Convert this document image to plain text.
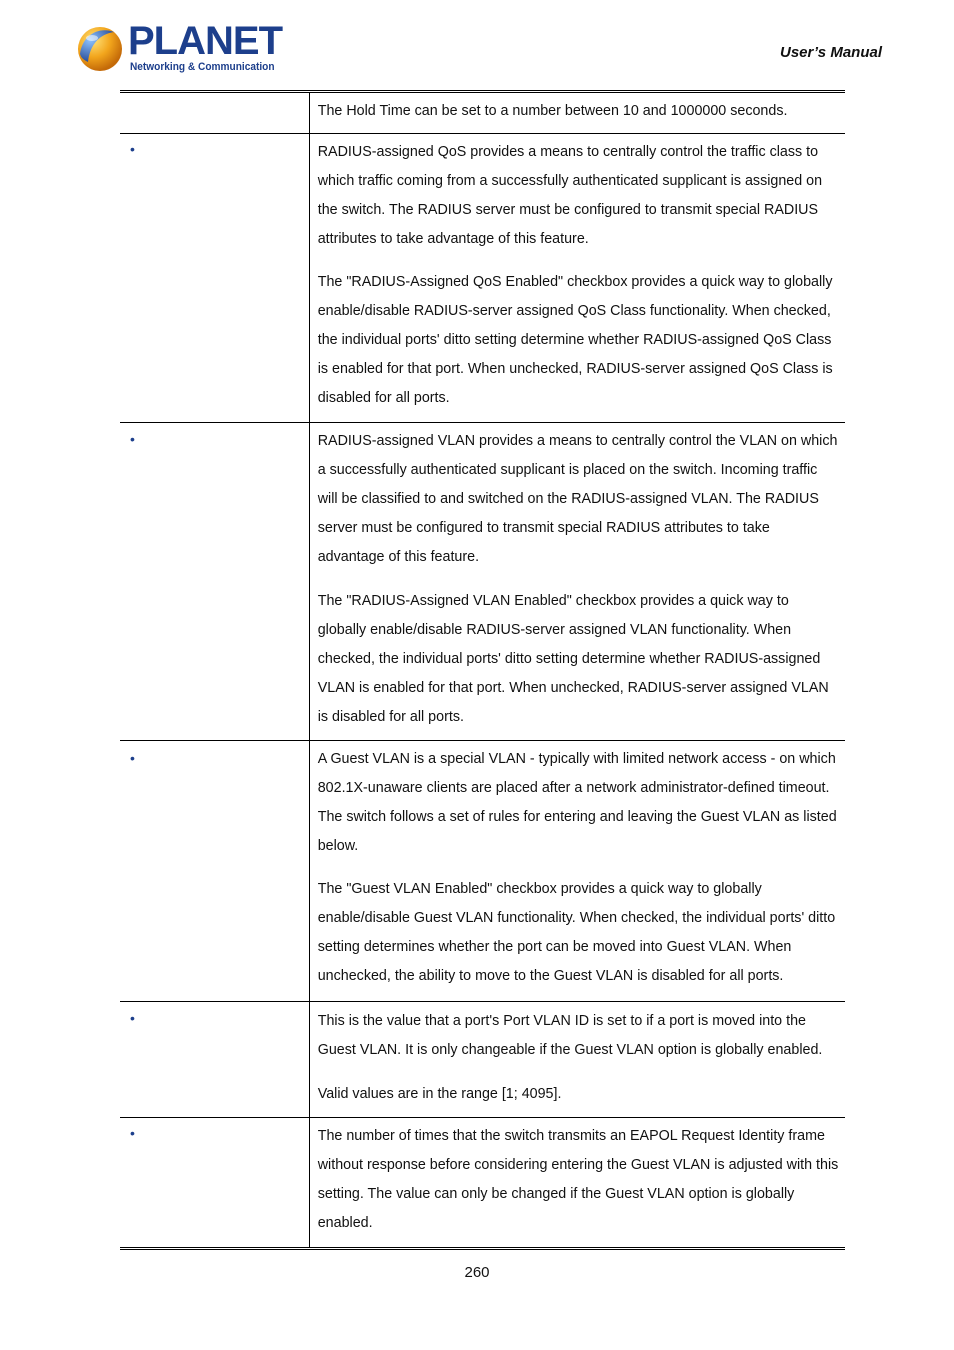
PLANET
Networking & Communication
User’s Manual

	The Hold Time can be set to a number between 10 and 1000000 seconds.

•	RADIUS-assigned QoS provides a means to centrally control the traffic class to which traffic coming from a successfully authenticated supplicant is assigned on the switch. The RADIUS server must be configured to transmit special RADIUS attributes to take advantage of this feature.

The "RADIUS-Assigned QoS Enabled" checkbox provides a quick way to globally enable/disable RADIUS-server assigned QoS Class functionality. When checked, the individual ports' ditto setting determine whether RADIUS-assigned QoS Class is enabled for that port. When unchecked, RADIUS-server assigned QoS Class is disabled for all ports.

•	RADIUS-assigned VLAN provides a means to centrally control the VLAN on which a successfully authenticated supplicant is placed on the switch. Incoming traffic will be classified to and switched on the RADIUS-assigned VLAN. The RADIUS server must be configured to transmit special RADIUS attributes to take advantage of this feature.

The "RADIUS-Assigned VLAN Enabled" checkbox provides a quick way to globally enable/disable RADIUS-server assigned VLAN functionality. When checked, the individual ports' ditto setting determine whether RADIUS-assigned VLAN is enabled for that port. When unchecked, RADIUS-server assigned VLAN is disabled for all ports.

•	A Guest VLAN is a special VLAN - typically with limited network access - on which 802.1X-unaware clients are placed after a network administrator-defined timeout. The switch follows a set of rules for entering and leaving the Guest VLAN as listed below.

The "Guest VLAN Enabled" checkbox provides a quick way to globally enable/disable Guest VLAN functionality. When checked, the individual ports' ditto setting determines whether the port can be moved into Guest VLAN. When unchecked, the ability to move to the Guest VLAN is disabled for all ports.

•	This is the value that a port's Port VLAN ID is set to if a port is moved into the Guest VLAN. It is only changeable if the Guest VLAN option is globally enabled.

Valid values are in the range [1; 4095].

•	The number of times that the switch transmits an EAPOL Request Identity frame without response before considering entering the Guest VLAN is adjusted with this setting. The value can only be changed if the Guest VLAN option is globally enabled.

260
